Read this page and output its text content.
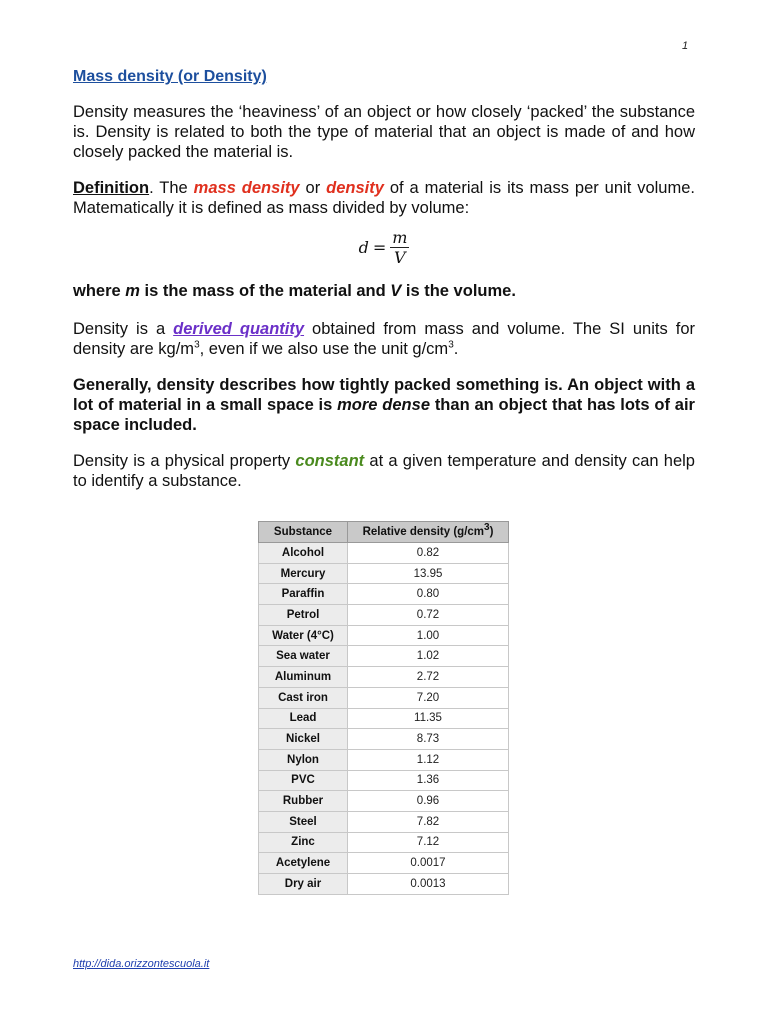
1

Mass density (or Density)

Density measures the ‘heaviness’ of an object or how closely ‘packed’ the substance is. Density is related to both the type of material that an object is made of and how closely packed the material is.

Definition. The mass density or density of a material is its mass per unit volume. Matematically it is defined as mass divided by volume:

$d = \frac{m}{V}$

where m is the mass of the material and V is the volume.

Density is a derived quantity obtained from mass and volume. The SI units for density are $kg/m^3$, even if we also use the unit $g/cm^3$.

Generally, density describes how tightly packed something is. An object with a lot of material in a small space is more dense than an object that has lots of air space included.

Density is a physical property constant at a given temperature and density can help to identify a substance.

Substance	Relative density $(g/cm^3)$
Alcohol	0.82
Mercury	13.95
Paraffin	0.80
Petrol	0.72
Water (4°C)	1.00
Sea water	1.02
Aluminum	2.72
Cast iron	7.20
Lead	11.35
Nickel	8.73
Nylon	1.12
PVC	1.36
Rubber	0.96
Steel	7.82
Zinc	7.12
Acetylene	0.0017
Dry air	0.0013
http://dida.orizzontescuola.it
